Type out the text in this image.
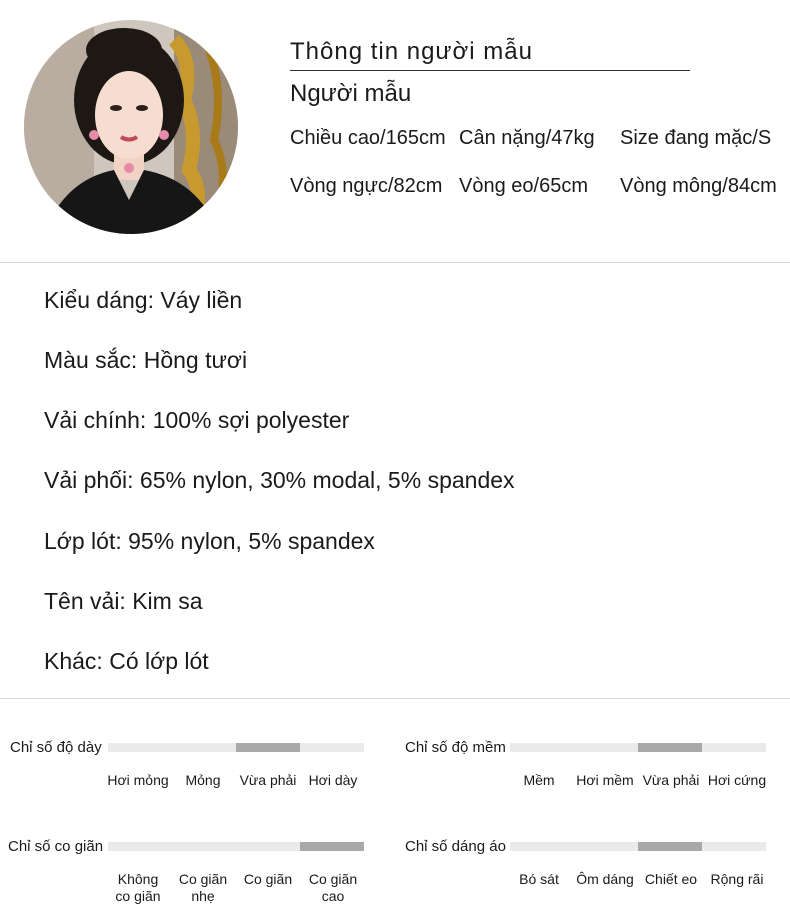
Thông tin người mẫu
Người mẫu
Chiều cao/165cm Cân nặng/47kg Size đang mặc/S
Vòng ngực/82cm Vòng eo/65cm Vòng mông/84cm
Kiểu dáng: Váy liền
Màu sắc: Hồng tươi
Vải chính: 100% sợi polyester
Vải phối: 65% nylon, 30% modal, 5% spandex
Lớp lót: 95% nylon, 5% spandex
Tên vải: Kim sa
Khác: Có lớp lót
Chỉ số độ dày
Hơi mỏng	Mỏng	Vừa phải Hơi dày
Chỉ số độ mềm
Mềm	Hơi mềm Vừa phải Hơi cứng
Chỉ số co giãn
Không
co giãn
Co giãn
nhẹ
Co giãn	Co giãn
cao
Chỉ số dáng áo
Bó sát	Ôm dáng Chiết eo Rộng rãi
